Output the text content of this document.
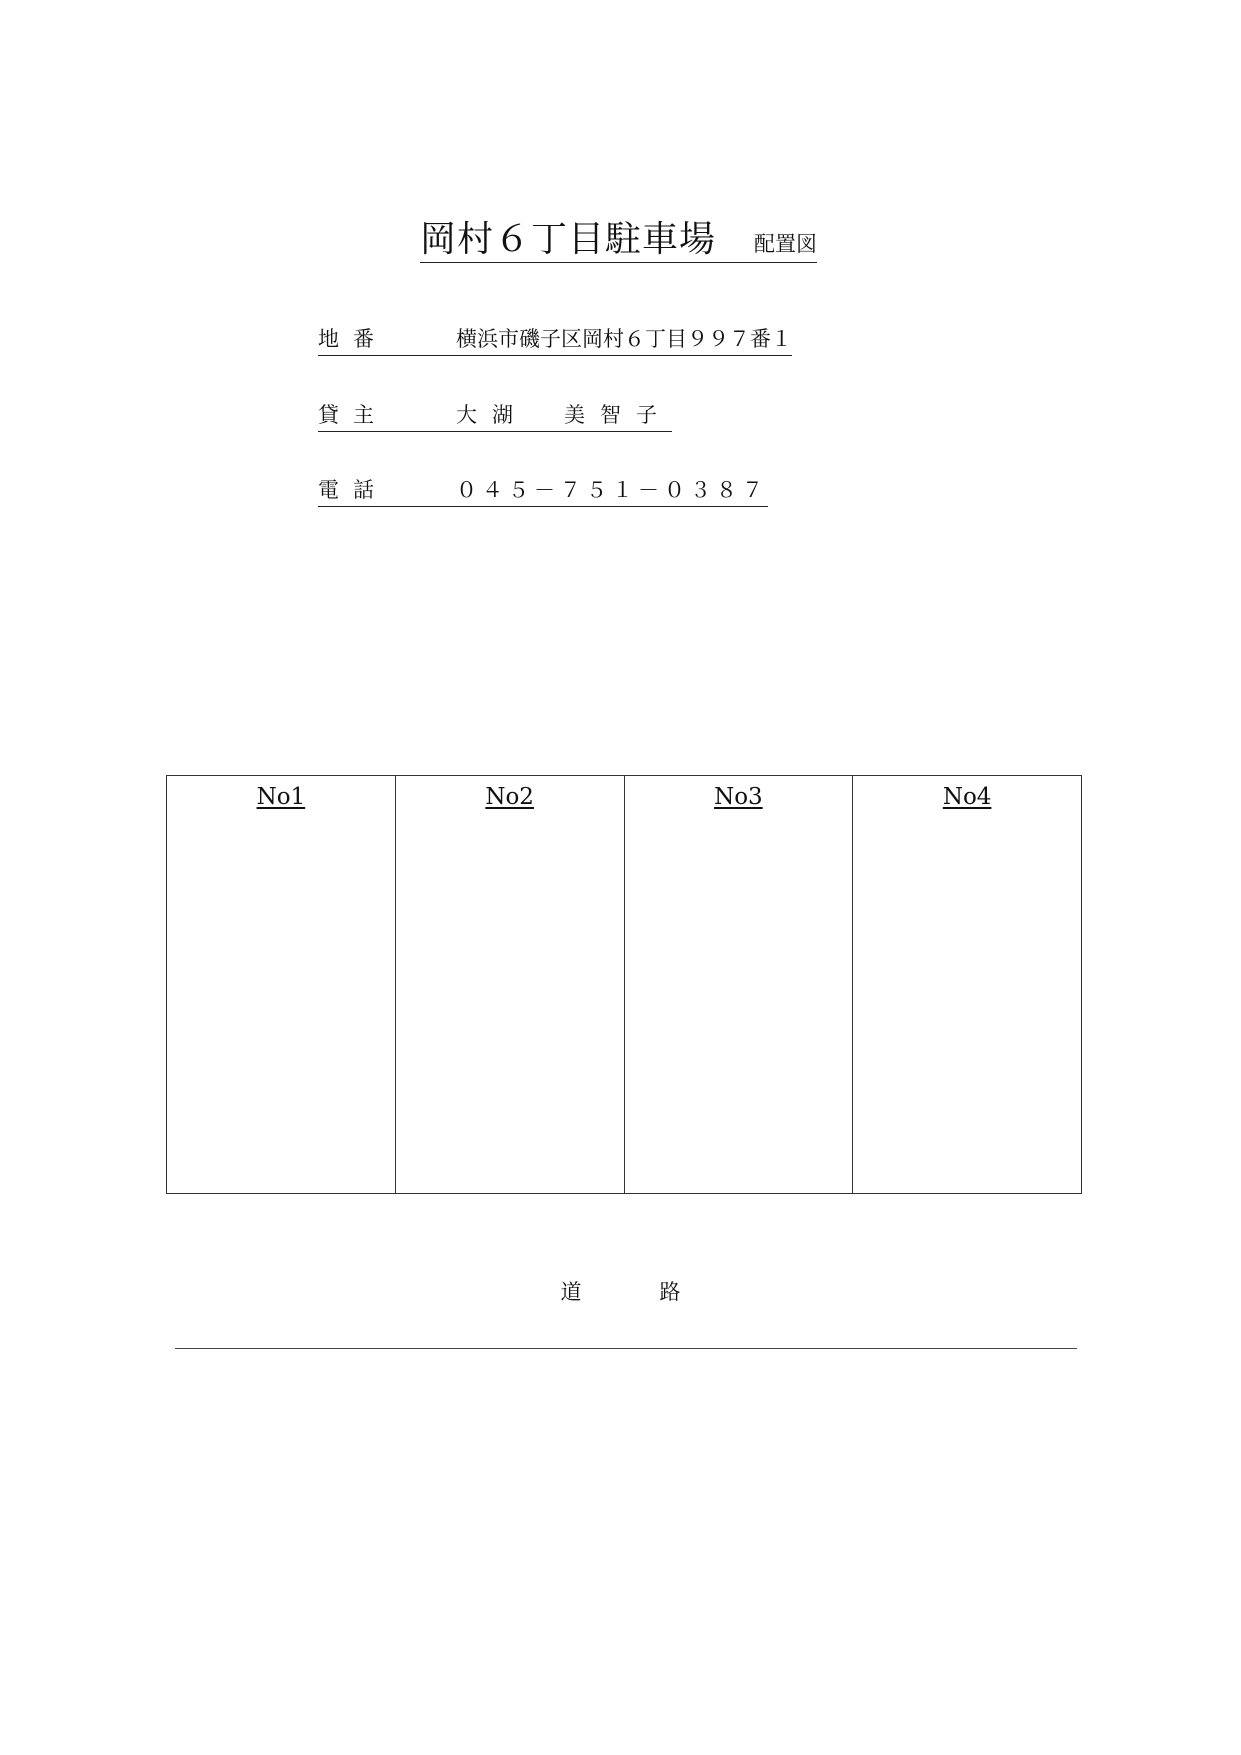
岡村６丁目駐車場 配置図
地番	横浜市磯子区岡村６丁目９９７番１
貸主	大湖　美智子
電話	０４５－７５１－０３８７
No1	No2	No3	No4
道路
